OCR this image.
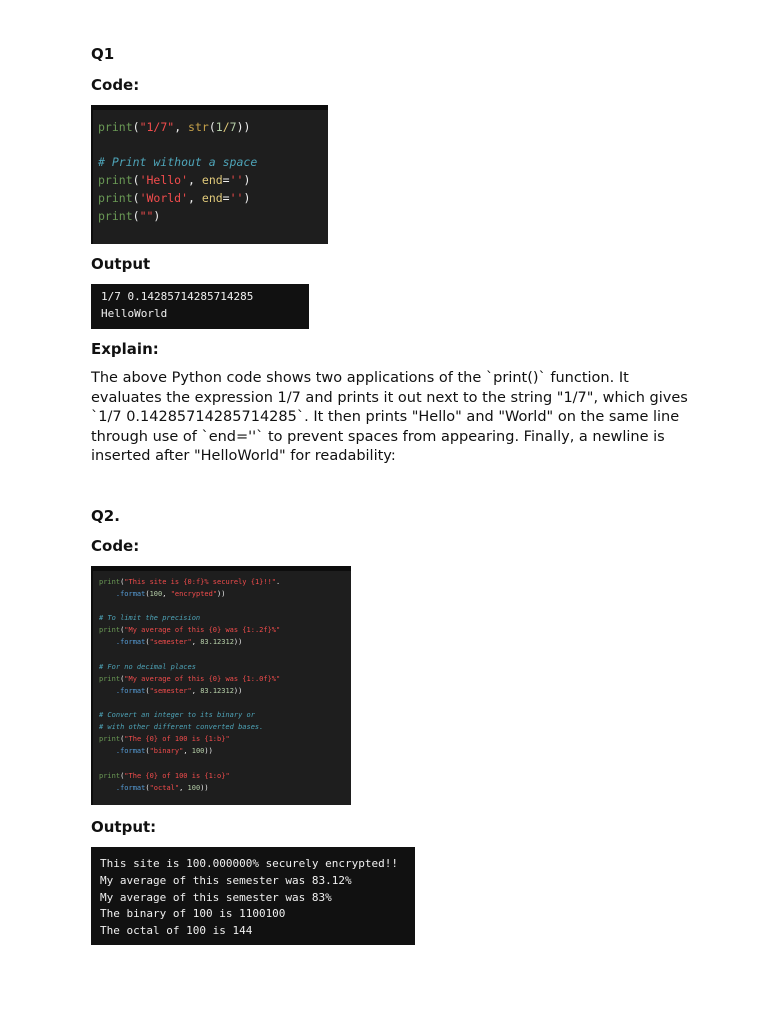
Q1

Code:

print("1/7", str(1/7))

# Print without a space
print('Hello', end='')
print('World', end='')
print("")

Output

1/7 0.14285714285714285
HelloWorld

Explain:

The above Python code shows two applications of the `print()` function. It evaluates the expression 1/7 and prints it out next to the string "1/7", which gives `1/7 0.14285714285714285`. It then prints "Hello" and "World" on the same line through use of `end=''` to prevent spaces from appearing. Finally, a newline is inserted after "HelloWorld" for readability:

Q2.

Code:

print("This site is {0:f}% securely {1}!!".
.format(100, "encrypted"))

# To limit the precision
print("My average of this {0} was {1:.2f}%"
.format("semester", 83.12312))

# For no decimal places
print("My average of this {0} was {1:.0f}%"
.format("semester", 83.12312))

# Convert an integer to its binary or
# with other different converted bases.
print("The {0} of 100 is {1:b}"
.format("binary", 100))

print("The {0} of 100 is {1:o}"
.format("octal", 100))

Output:

This site is 100.000000% securely encrypted!!
My average of this semester was 83.12%
My average of this semester was 83%
The binary of 100 is 1100100
The octal of 100 is 144
